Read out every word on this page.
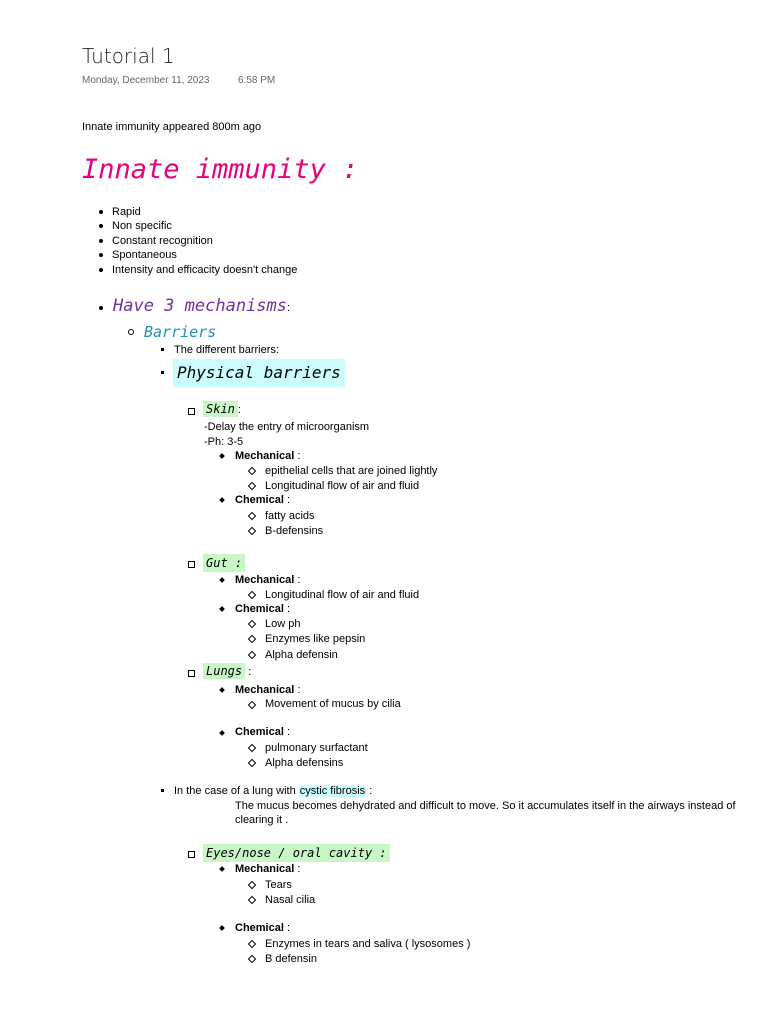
Tutorial 1
Monday, December 11, 2023	6:58 PM
Innate immunity appeared 800m ago
Innate immunity :
Rapid
Non specific
Constant recognition
Spontaneous
Intensity and efficacity doesn't change
Have 3 mechanisms:
Barriers
The different barriers:
Physical barriers
Skin :
-Delay the entry of microorganism
-Ph: 3-5
Mechanical :
epithelial cells that are joined lightly
Longitudinal flow of air and fluid
Chemical :
fatty acids
B-defensins
Gut :
Mechanical :
Longitudinal flow of air and fluid
Chemical :
Low ph
Enzymes like pepsin
Alpha defensin
Lungs :
Mechanical :
Movement of mucus by cilia
Chemical :
pulmonary surfactant
Alpha defensins
In the case of a lung with cystic fibrosis :
The mucus becomes dehydrated and difficult to move. So it accumulates itself in the airways instead of clearing it .
Eyes/nose / oral cavity :
Mechanical :
Tears
Nasal cilia
Chemical :
Enzymes in tears and saliva ( lysosomes )
B defensin
